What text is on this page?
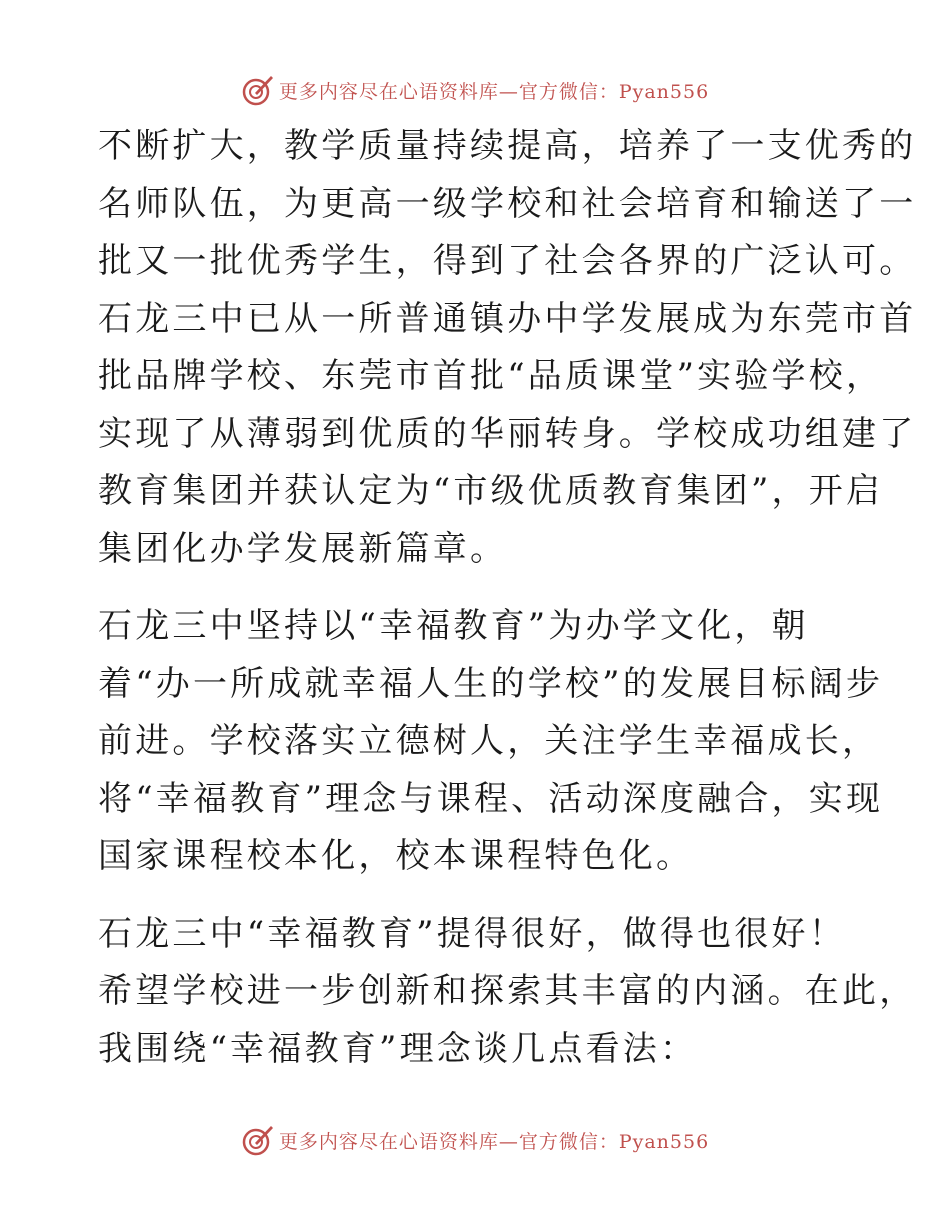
更多内容尽在心语资料库—官方微信：Pyan556

不断扩大，教学质量持续提高，培养了一支优秀的
名师队伍，为更高一级学校和社会培育和输送了一
批又一批优秀学生，得到了社会各界的广泛认可。
石龙三中已从一所普通镇办中学发展成为东莞市首
批品牌学校、东莞市首批“品质课堂”实验学校，
实现了从薄弱到优质的华丽转身。学校成功组建了
教育集团并获认定为“市级优质教育集团”，开启
集团化办学发展新篇章。

石龙三中坚持以“幸福教育”为办学文化，朝
着“办一所成就幸福人生的学校”的发展目标阔步
前进。学校落实立德树人，关注学生幸福成长，
将“幸福教育”理念与课程、活动深度融合，实现
国家课程校本化，校本课程特色化。

石龙三中“幸福教育”提得很好，做得也很好！
希望学校进一步创新和探索其丰富的内涵。在此，
我围绕“幸福教育”理念谈几点看法：

更多内容尽在心语资料库—官方微信：Pyan556
